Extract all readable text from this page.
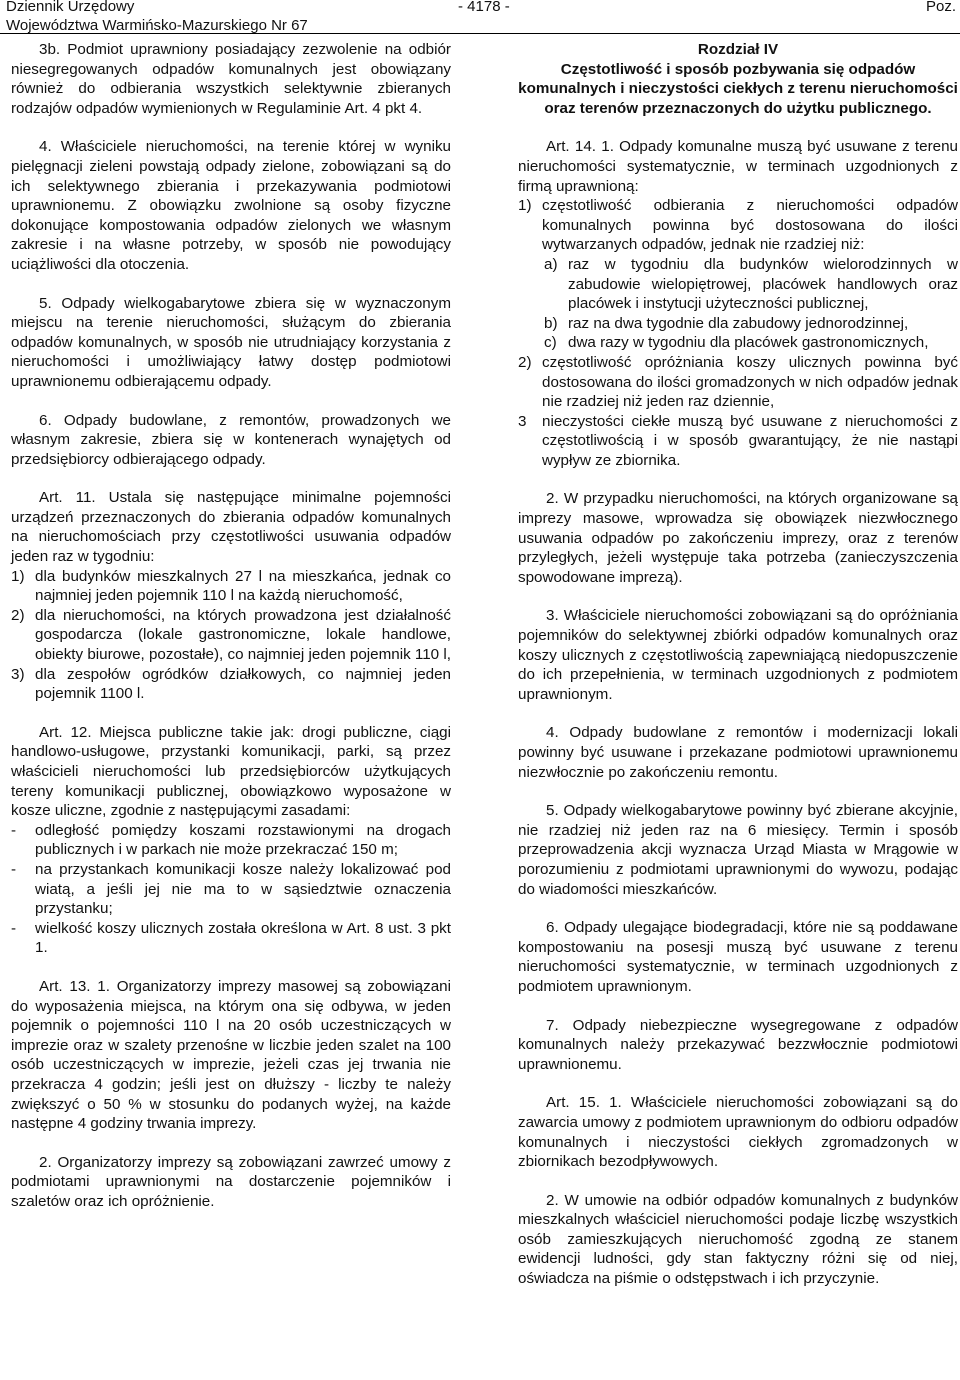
Dziennik Urzędowy
Województwa Warmińsko-Mazurskiego Nr 67
- 4178 -	Poz.

3b. Podmiot uprawniony posiadający zezwolenie na odbiór niesegregowanych odpadów komunalnych jest obowiązany również do odbierania wszystkich selektywnie zbieranych rodzajów odpadów wymienionych w Regulaminie Art. 4 pkt 4.

4. Właściciele nieruchomości, na terenie której w wyniku pielęgnacji zieleni powstają odpady zielone, zobowiązani są do ich selektywnego zbierania i przekazywania podmiotowi uprawnionemu. Z obowiązku zwolnione są osoby fizyczne dokonujące kompostowania odpadów zielonych we własnym zakresie i na własne potrzeby, w sposób nie powodujący uciążliwości dla otoczenia.

5. Odpady wielkogabarytowe zbiera się w wyznaczonym miejscu na terenie nieruchomości, służącym do zbierania odpadów komunalnych, w sposób nie utrudniający korzystania z nieruchomości i umożliwiający łatwy dostęp podmiotowi uprawnionemu odbierającemu odpady.

6. Odpady budowlane, z remontów, prowadzonych we własnym zakresie, zbiera się w kontenerach wynajętych od przedsiębiorcy odbierającego odpady.

Art. 11. Ustala się następujące minimalne pojemności urządzeń przeznaczonych do zbierania odpadów komunalnych na nieruchomościach przy częstotliwości usuwania odpadów jeden raz w tygodniu:

1) dla budynków mieszkalnych 27 l na mieszkańca, jednak co najmniej jeden pojemnik 110 l na każdą nieruchomość,
2) dla nieruchomości, na których prowadzona jest działalność gospodarcza (lokale gastronomiczne, lokale handlowe, obiekty biurowe, pozostałe), co najmniej jeden pojemnik 110 l,
3) dla zespołów ogródków działkowych, co najmniej jeden pojemnik 1100 l.

Art. 12. Miejsca publiczne takie jak: drogi publiczne, ciągi handlowo-usługowe, przystanki komunikacji, parki, są przez właścicieli nieruchomości lub przedsiębiorców użytkujących tereny komunikacji publicznej, obowiązkowo wyposażone w kosze uliczne, zgodnie z następującymi zasadami:

- odległość pomiędzy koszami rozstawionymi na drogach publicznych i w parkach nie może przekraczać 150 m;
- na przystankach komunikacji kosze należy lokalizować pod wiatą, a jeśli jej nie ma to w sąsiedztwie oznaczenia przystanku;
- wielkość koszy ulicznych została określona w Art. 8 ust. 3 pkt 1.

Art. 13. 1. Organizatorzy imprezy masowej są zobowiązani do wyposażenia miejsca, na którym ona się odbywa, w jeden pojemnik o pojemności 110 l na 20 osób uczestniczących w imprezie oraz w szalety przenośne w liczbie jeden szalet na 100 osób uczestniczących w imprezie, jeżeli czas jej trwania nie przekracza 4 godzin; jeśli jest on dłuższy - liczby te należy zwiększyć o 50 % w stosunku do podanych wyżej, na każde następne 4 godziny trwania imprezy.

2. Organizatorzy imprezy są zobowiązani zawrzeć umowy z podmiotami uprawnionymi na dostarczenie pojemników i szaletów oraz ich opróżnienie.

Rozdział IV
Częstotliwość i sposób pozbywania się odpadów komunalnych i nieczystości ciekłych z terenu nieruchomości oraz terenów przeznaczonych do użytku publicznego.

Art. 14. 1. Odpady komunalne muszą być usuwane z terenu nieruchomości systematycznie, w terminach uzgodnionych z firmą uprawnioną:

1) częstotliwość odbierania z nieruchomości odpadów komunalnych powinna być dostosowana do ilości wytwarzanych odpadów, jednak nie rzadziej niż:
a) raz w tygodniu dla budynków wielorodzinnych w zabudowie wielopiętrowej, placówek handlowych oraz placówek i instytucji użyteczności publicznej,
b) raz na dwa tygodnie dla zabudowy jednorodzinnej,
c) dwa razy w tygodniu dla placówek gastronomicznych,
2) częstotliwość opróżniania koszy ulicznych powinna być dostosowana do ilości gromadzonych w nich odpadów jednak nie rzadziej niż jeden raz dziennie,
3 nieczystości ciekłe muszą być usuwane z nieruchomości z częstotliwością i w sposób gwarantujący, że nie nastąpi wypływ ze zbiornika.

2. W przypadku nieruchomości, na których organizowane są imprezy masowe, wprowadza się obowiązek niezwłocznego usuwania odpadów po zakończeniu imprezy, oraz z terenów przyległych, jeżeli występuje taka potrzeba (zanieczyszczenia spowodowane imprezą).

3. Właściciele nieruchomości zobowiązani są do opróżniania pojemników do selektywnej zbiórki odpadów komunalnych oraz koszy ulicznych z częstotliwością zapewniającą niedopuszczenie do ich przepełnienia, w terminach uzgodnionych z podmiotem uprawnionym.

4. Odpady budowlane z remontów i modernizacji lokali powinny być usuwane i przekazane podmiotowi uprawnionemu niezwłocznie po zakończeniu remontu.

5. Odpady wielkogabarytowe powinny być zbierane akcyjnie, nie rzadziej niż jeden raz na 6 miesięcy. Termin i sposób przeprowadzenia akcji wyznacza Urząd Miasta w Mrągowie w porozumieniu z podmiotami uprawnionymi do wywozu, podając do wiadomości mieszkańców.

6. Odpady ulegające biodegradacji, które nie są poddawane kompostowaniu na posesji muszą być usuwane z terenu nieruchomości systematycznie, w terminach uzgodnionych z podmiotem uprawnionym.

7. Odpady niebezpieczne wysegregowane z odpadów komunalnych należy przekazywać bezzwłocznie podmiotowi uprawnionemu.

Art. 15. 1. Właściciele nieruchomości zobowiązani są do zawarcia umowy z podmiotem uprawnionym do odbioru odpadów komunalnych i nieczystości ciekłych zgromadzonych w zbiornikach bezodpływowych.

2. W umowie na odbiór odpadów komunalnych z budynków mieszkalnych właściciel nieruchomości podaje liczbę wszystkich osób zamieszkujących nieruchomość zgodną ze stanem ewidencji ludności, gdy stan faktyczny różni się od niej, oświadcza na piśmie o odstępstwach i ich przyczynie.
